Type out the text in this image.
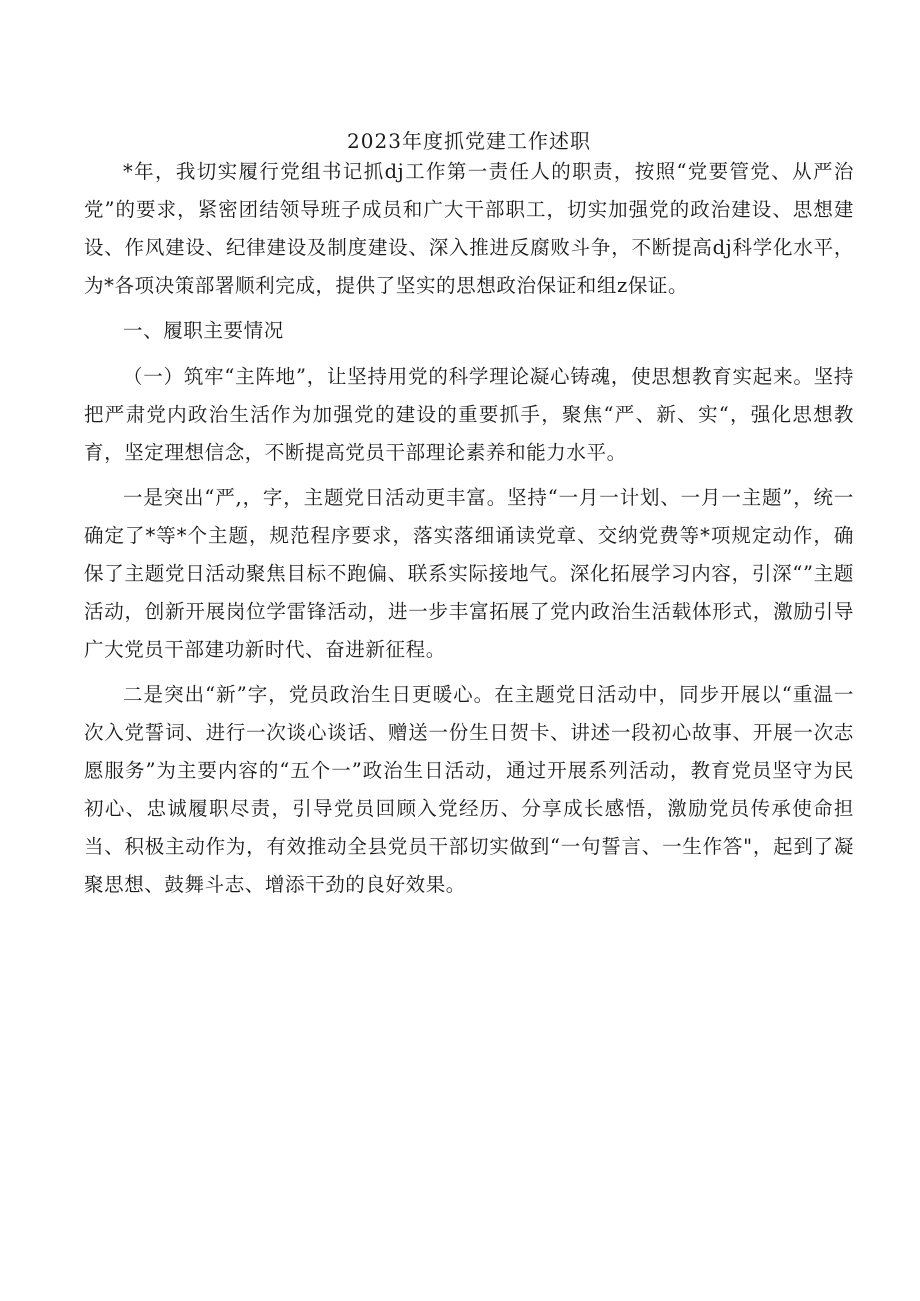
2023年度抓党建工作述职

*年，我切实履行党组书记抓dj工作第一责任人的职责，按照“党要管党、从严治党”的要求，紧密团结领导班子成员和广大干部职工，切实加强党的政治建设、思想建设、作风建设、纪律建设及制度建设、深入推进反腐败斗争，不断提高dj科学化水平，为*各项决策部署顺利完成，提供了坚实的思想政治保证和组z保证。

一、履职主要情况

（一）筑牢“主阵地”，让坚持用党的科学理论凝心铸魂，使思想教育实起来。坚持把严肃党内政治生活作为加强党的建设的重要抓手，聚焦“严、新、实“，强化思想教育，坚定理想信念，不断提高党员干部理论素养和能力水平。

一是突出“严,，字，主题党日活动更丰富。坚持“一月一计划、一月一主题”，统一确定了*等*个主题，规范程序要求，落实落细诵读党章、交纳党费等*项规定动作，确保了主题党日活动聚焦目标不跑偏、联系实际接地气。深化拓展学习内容，引深“”主题活动，创新开展岗位学雷锋活动，进一步丰富拓展了党内政治生活载体形式，激励引导广大党员干部建功新时代、奋进新征程。

二是突出“新”字，党员政治生日更暖心。在主题党日活动中，同步开展以“重温一次入党誓词、进行一次谈心谈话、赠送一份生日贺卡、讲述一段初心故事、开展一次志愿服务”为主要内容的“五个一”政治生日活动，通过开展系列活动，教育党员坚守为民初心、忠诚履职尽责，引导党员回顾入党经历、分享成长感悟，激励党员传承使命担当、积极主动作为，有效推动全县党员干部切实做到“一句誓言、一生作答"，起到了凝聚思想、鼓舞斗志、增添干劲的良好效果。
